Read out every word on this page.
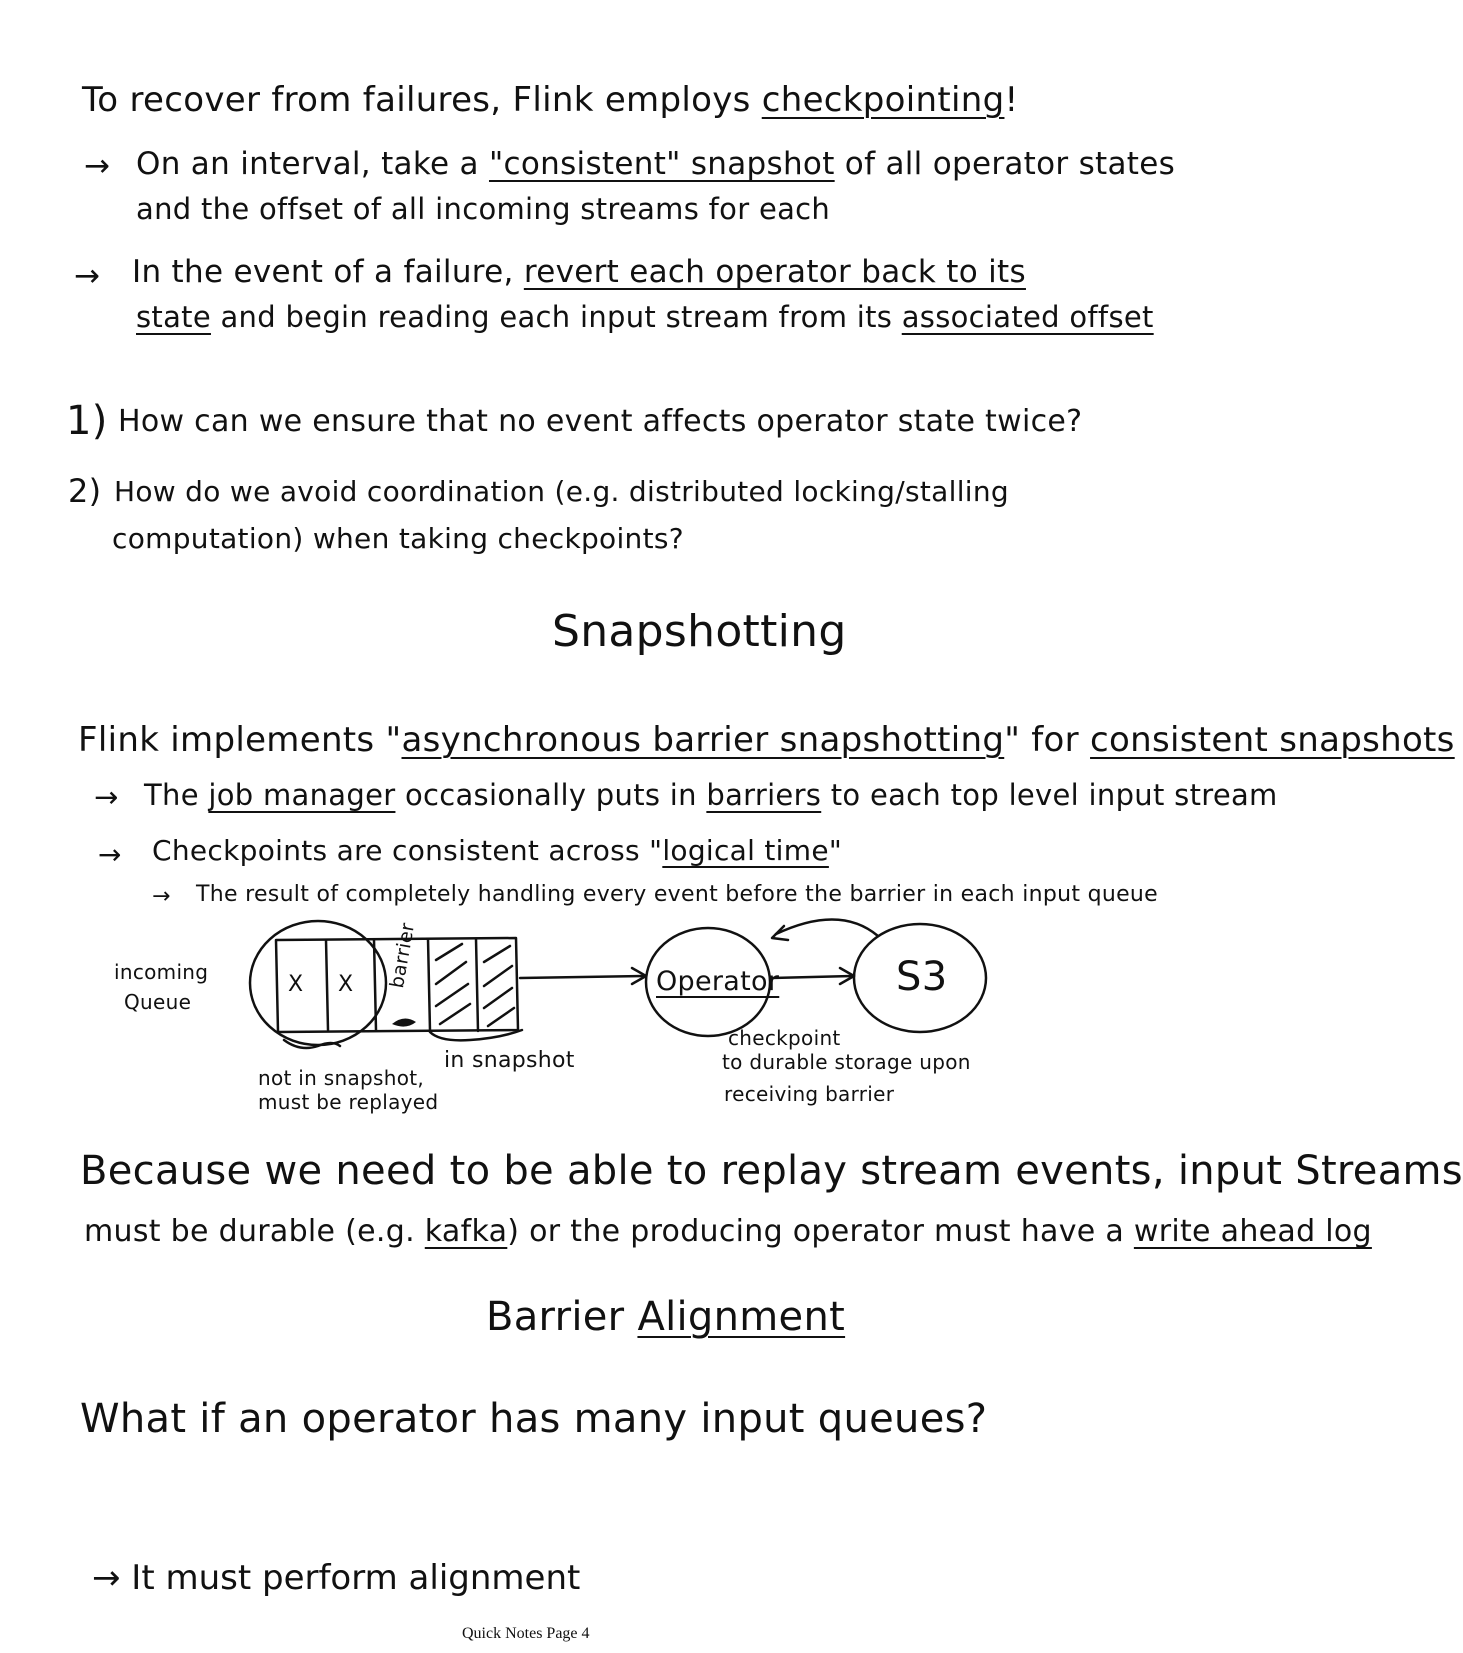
To recover from failures, Flink employs checkpointing!
→ On an interval, take a "consistent" snapshot of all operator states
and the offset of all incoming streams for each
→ In the event of a failure, revert each operator back to its
state and begin reading each input stream from its associated offset
1) How can we ensure that no event affects operator state twice?
2) How do we avoid coordination (e.g. distributed locking/stalling
computation) when taking checkpoints?
Snapshotting
Flink implements "asynchronous barrier snapshotting" for consistent snapshots
→ The job manager occasionally puts in barriers to each top level input stream
→ Checkpoints are consistent across "logical time"
→ The result of completely handling every event before the barrier in each input queue
incoming
Queue
X X barrier	Operator	S3
not in snapshot,
must be replayed
in snapshot
checkpoint
to durable storage upon
receiving barrier
Because we need to be able to replay stream events, input Streams
must be durable (e.g. kafka) or the producing operator must have a write ahead log
Barrier Alignment
What if an operator has many input queues?
→ It must perform alignment
Quick Notes Page 4
